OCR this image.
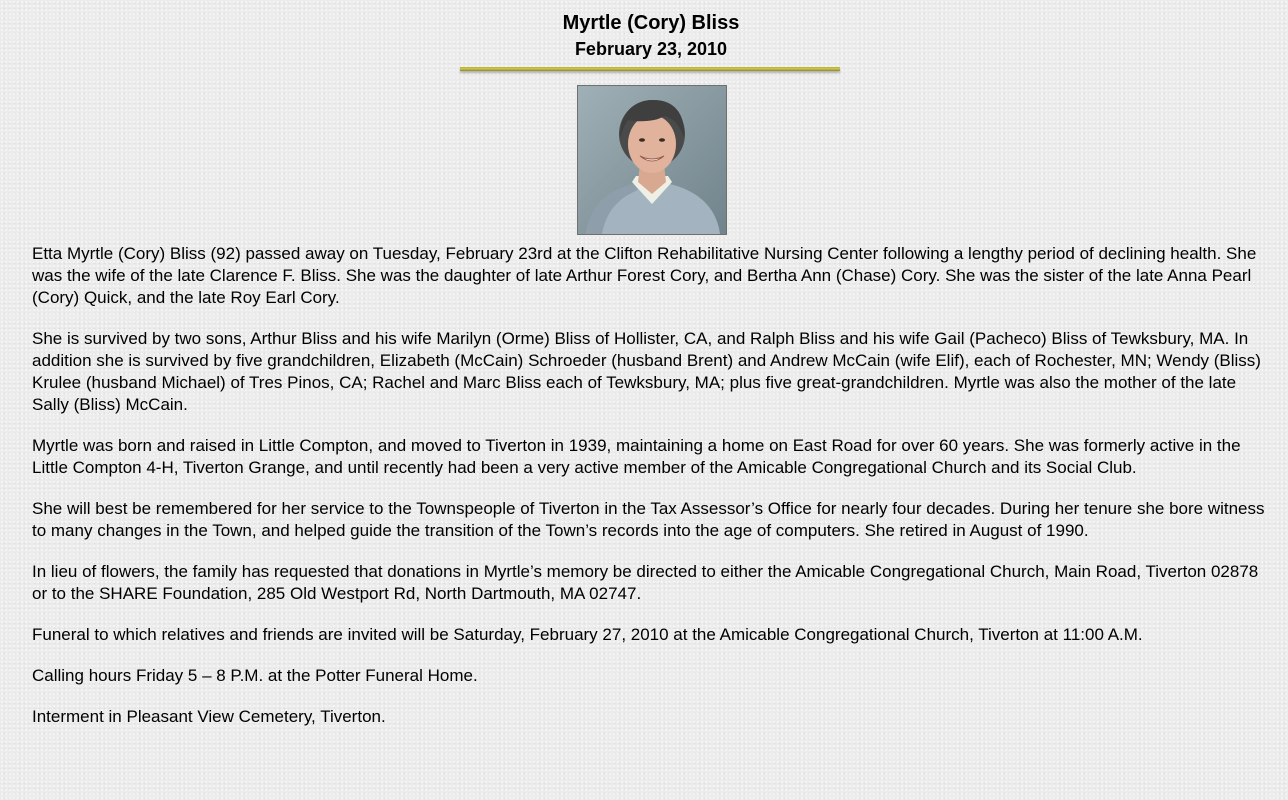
Myrtle (Cory) Bliss
February 23, 2010

Etta Myrtle (Cory) Bliss (92) passed away on Tuesday, February 23rd at the Clifton Rehabilitative Nursing Center following a lengthy period of declining health. She was the wife of the late Clarence F. Bliss. She was the daughter of late Arthur Forest Cory, and Bertha Ann (Chase) Cory. She was the sister of the late Anna Pearl (Cory) Quick, and the late Roy Earl Cory.

She is survived by two sons, Arthur Bliss and his wife Marilyn (Orme) Bliss of Hollister, CA, and Ralph Bliss and his wife Gail (Pacheco) Bliss of Tewksbury, MA. In addition she is survived by five grandchildren, Elizabeth (McCain) Schroeder (husband Brent) and Andrew McCain (wife Elif), each of Rochester, MN; Wendy (Bliss) Krulee (husband Michael) of Tres Pinos, CA; Rachel and Marc Bliss each of Tewksbury, MA; plus five great-grandchildren. Myrtle was also the mother of the late Sally (Bliss) McCain.

Myrtle was born and raised in Little Compton, and moved to Tiverton in 1939, maintaining a home on East Road for over 60 years. She was formerly active in the Little Compton 4-H, Tiverton Grange, and until recently had been a very active member of the Amicable Congregational Church and its Social Club.

She will best be remembered for her service to the Townspeople of Tiverton in the Tax Assessor’s Office for nearly four decades. During her tenure she bore witness to many changes in the Town, and helped guide the transition of the Town’s records into the age of computers. She retired in August of 1990.

In lieu of flowers, the family has requested that donations in Myrtle’s memory be directed to either the Amicable Congregational Church, Main Road, Tiverton 02878 or to the SHARE Foundation, 285 Old Westport Rd, North Dartmouth, MA 02747.

Funeral to which relatives and friends are invited will be Saturday, February 27, 2010 at the Amicable Congregational Church, Tiverton at 11:00 A.M.

Calling hours Friday 5 – 8 P.M. at the Potter Funeral Home.

Interment in Pleasant View Cemetery, Tiverton.
